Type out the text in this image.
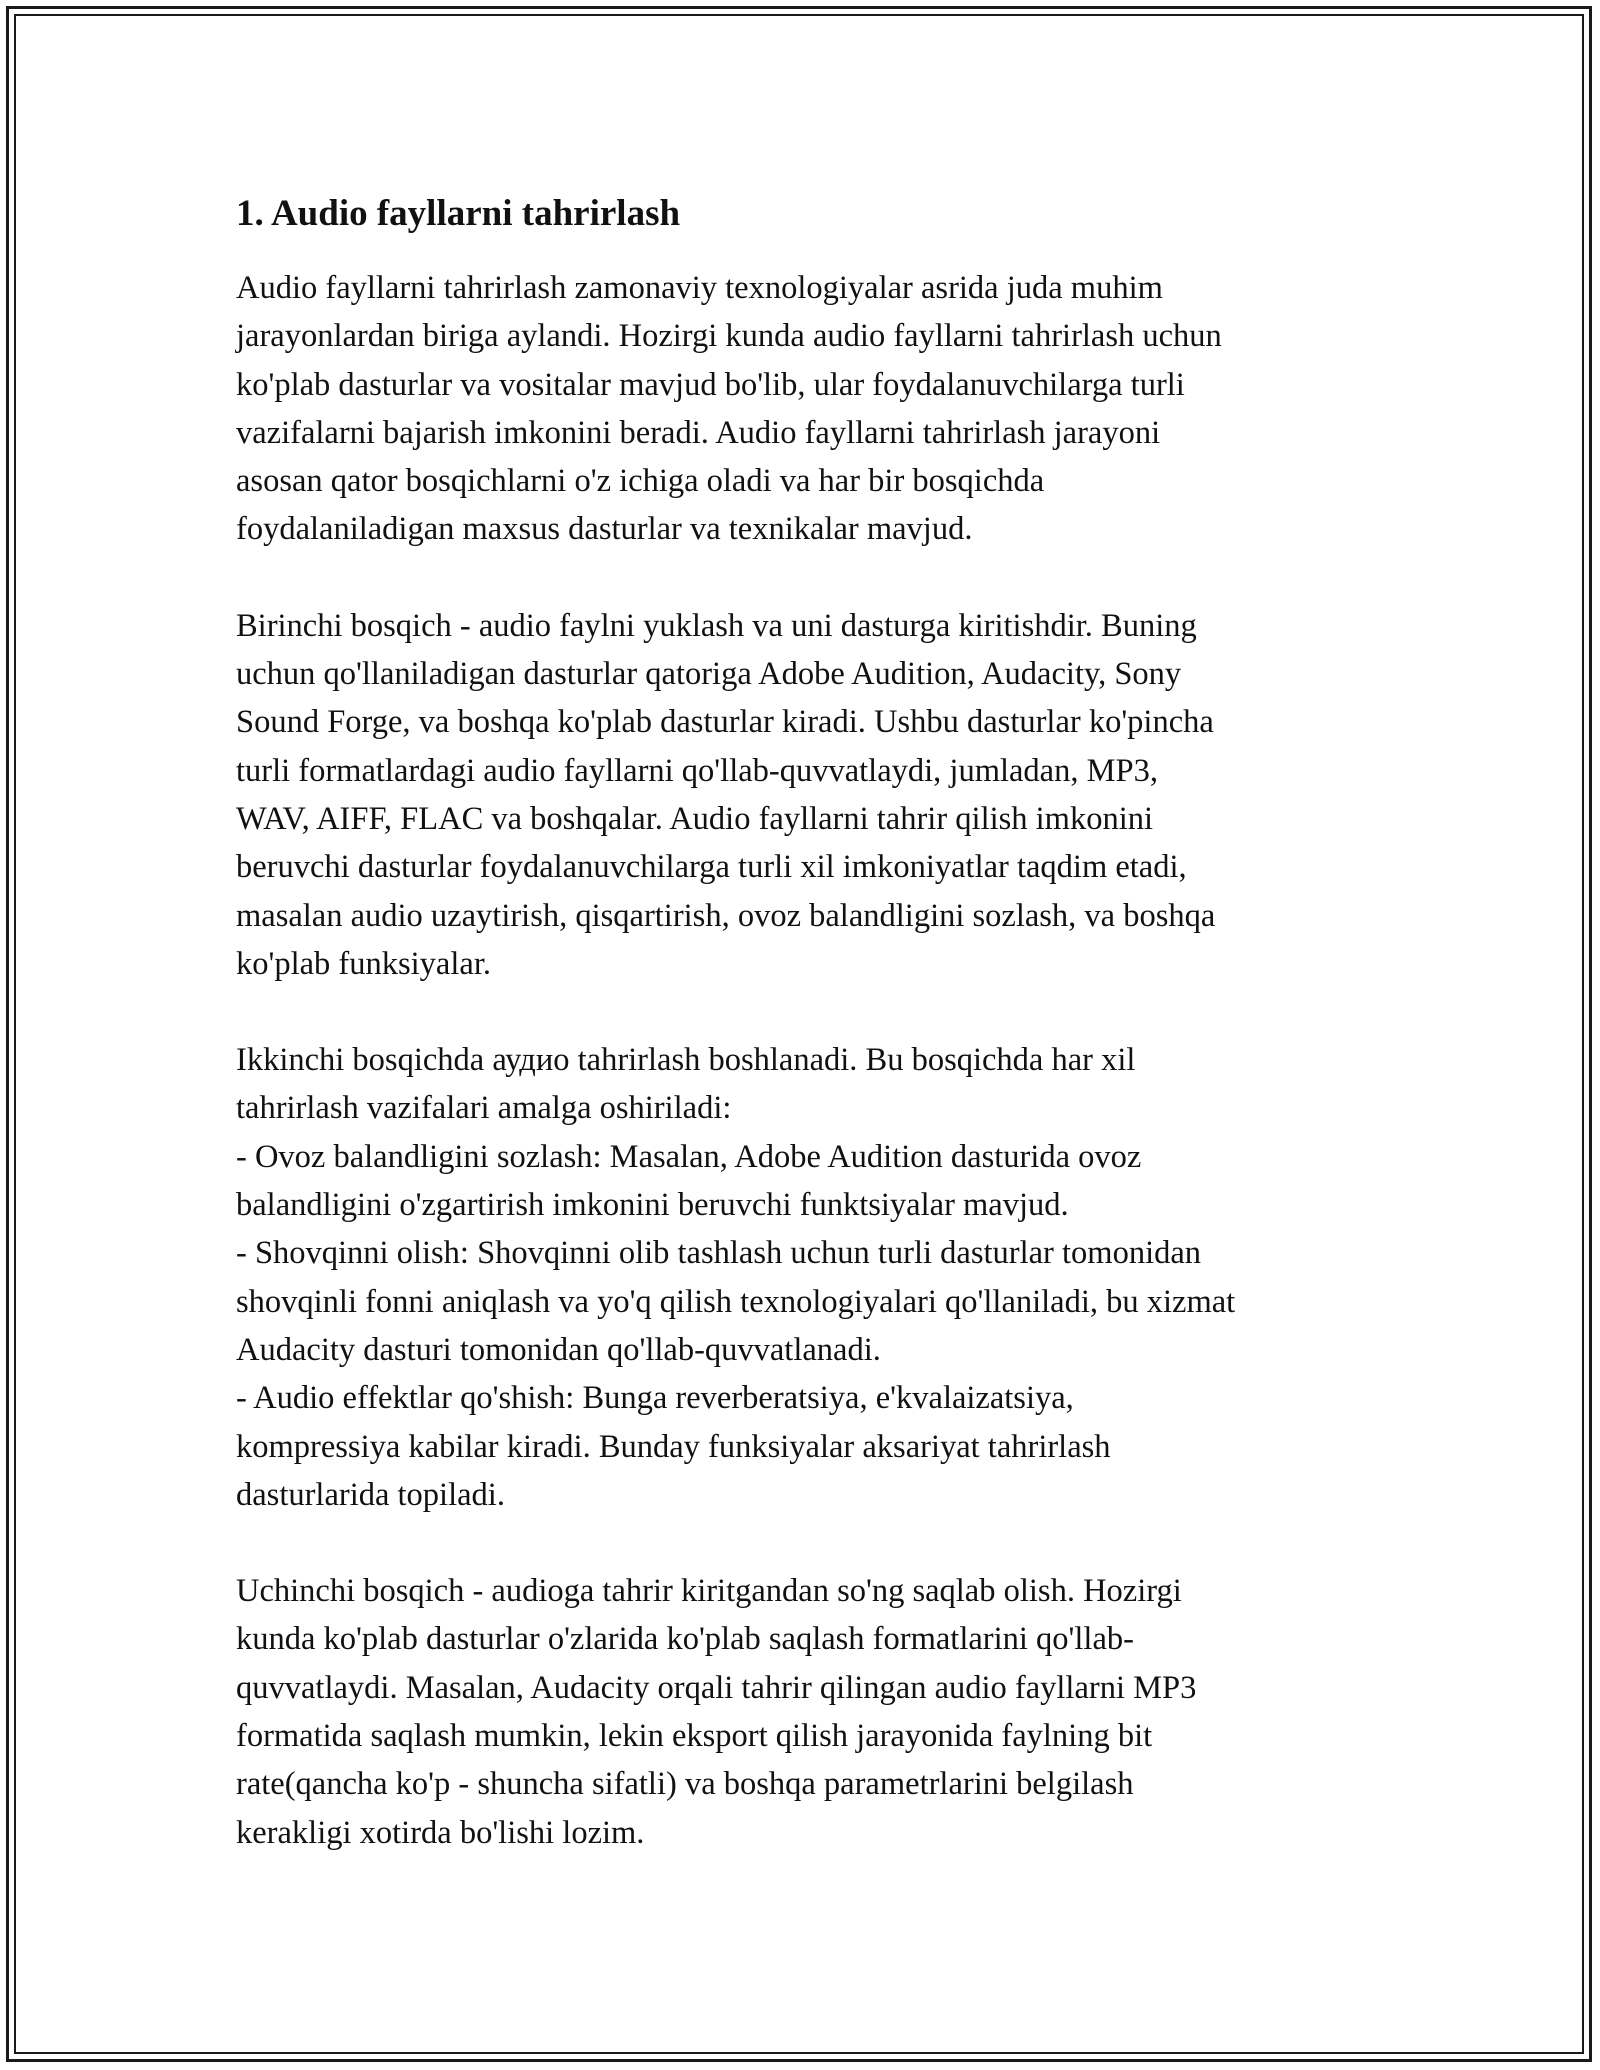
1. Audio fayllarni tahrirlash

Audio fayllarni tahrirlash zamonaviy texnologiyalar asrida juda muhim
jarayonlardan biriga aylandi. Hozirgi kunda audio fayllarni tahrirlash uchun
ko'plab dasturlar va vositalar mavjud bo'lib, ular foydalanuvchilarga turli
vazifalarni bajarish imkonini beradi. Audio fayllarni tahrirlash jarayoni
asosan qator bosqichlarni o'z ichiga oladi va har bir bosqichda
foydalaniladigan maxsus dasturlar va texnikalar mavjud.

Birinchi bosqich - audio faylni yuklash va uni dasturga kiritishdir. Buning
uchun qo'llaniladigan dasturlar qatoriga Adobe Audition, Audacity, Sony
Sound Forge, va boshqa ko'plab dasturlar kiradi. Ushbu dasturlar ko'pincha
turli formatlardagi audio fayllarni qo'llab-quvvatlaydi, jumladan, MP3,
WAV, AIFF, FLAC va boshqalar. Audio fayllarni tahrir qilish imkonini
beruvchi dasturlar foydalanuvchilarga turli xil imkoniyatlar taqdim etadi,
masalan audio uzaytirish, qisqartirish, ovoz balandligini sozlash, va boshqa
ko'plab funksiyalar.

Ikkinchi bosqichda аудио tahrirlash boshlanadi. Bu bosqichda har xil
tahrirlash vazifalari amalga oshiriladi:
- Ovoz balandligini sozlash: Masalan, Adobe Audition dasturida ovoz
balandligini o'zgartirish imkonini beruvchi funktsiyalar mavjud.
- Shovqinni olish: Shovqinni olib tashlash uchun turli dasturlar tomonidan
shovqinli fonni aniqlash va yo'q qilish texnologiyalari qo'llaniladi, bu xizmat
Audacity dasturi tomonidan qo'llab-quvvatlanadi.
- Audio effektlar qo'shish: Bunga reverberatsiya, e'kvalaizatsiya,
kompressiya kabilar kiradi. Bunday funksiyalar aksariyat tahrirlash
dasturlarida topiladi.

Uchinchi bosqich - audioga tahrir kiritgandan so'ng saqlab olish. Hozirgi
kunda ko'plab dasturlar o'zlarida ko'plab saqlash formatlarini qo'llab-
quvvatlaydi. Masalan, Audacity orqali tahrir qilingan audio fayllarni MP3
formatida saqlash mumkin, lekin eksport qilish jarayonida faylning bit
rate(qancha ko'p - shuncha sifatli) va boshqa parametrlarini belgilash
kerakligi xotirda bo'lishi lozim.
